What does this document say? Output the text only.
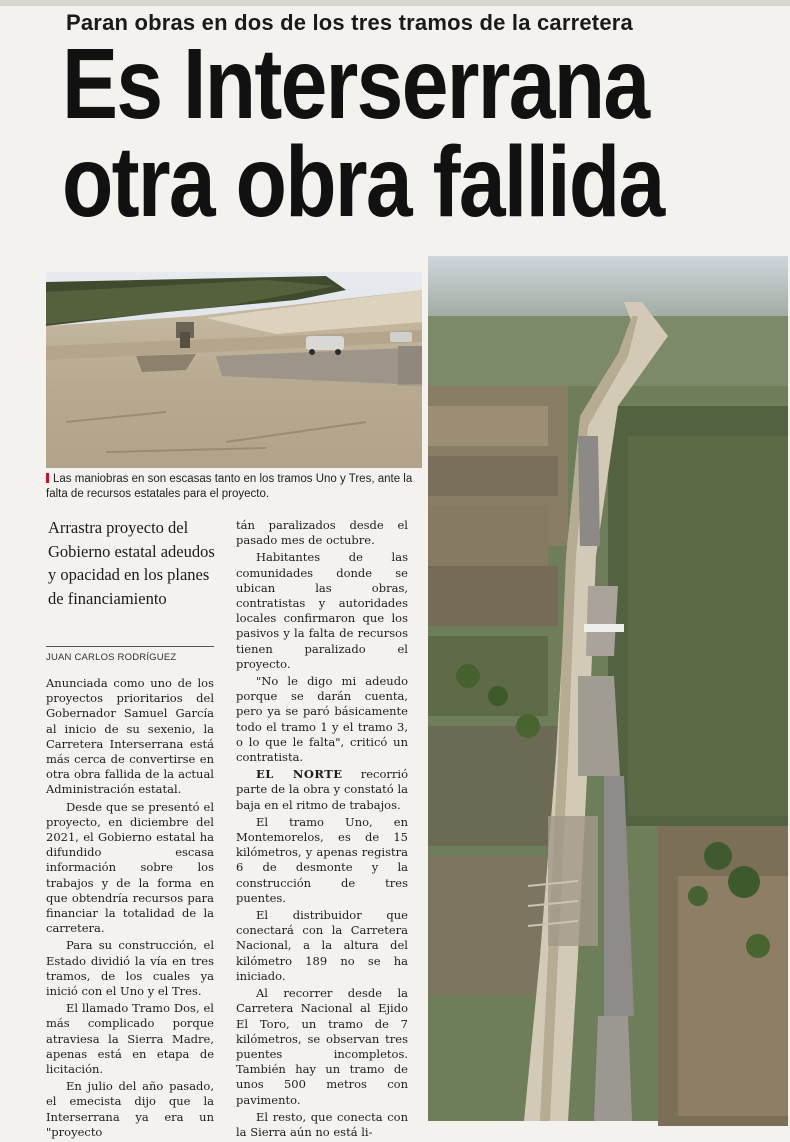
Paran obras en dos de los tres tramos de la carretera
Es Interserrana
otra obra fallida
Las maniobras en son escasas tanto en los tramos Uno y Tres, ante la falta de recursos estatales para el proyecto.
Arrastra proyecto del Gobierno estatal adeudos y opacidad en los planes de financiamiento
JUAN CARLOS RODRÍGUEZ

Anunciada como uno de los proyectos prioritarios del Gobernador Samuel García al inicio de su sexenio, la Carretera Interserrana está más cerca de convertirse en otra obra fallida de la actual Administración estatal.

Desde que se presentó el proyecto, en diciembre del 2021, el Gobierno estatal ha difundido escasa información sobre los trabajos y de la forma en que obtendría recursos para financiar la totalidad de la carretera.

Para su construcción, el Estado dividió la vía en tres tramos, de los cuales ya inició con el Uno y el Tres.

El llamado Tramo Dos, el más complicado porque atraviesa la Sierra Madre, apenas está en etapa de licitación.

En julio del año pasado, el emecista dijo que la Interserrana ya era un "proyecto

tán paralizados desde el pasado mes de octubre.

Habitantes de las comunidades donde se ubican las obras, contratistas y autoridades locales confirmaron que los pasivos y la falta de recursos tienen paralizado el proyecto.

"No le digo mi adeudo porque se darán cuenta, pero ya se paró básicamente todo el tramo 1 y el tramo 3, o lo que le falta", criticó un contratista.

EL NORTE recorrió parte de la obra y constató la baja en el ritmo de trabajos.

El tramo Uno, en Montemorelos, es de 15 kilómetros, y apenas registra 6 de desmonte y la construcción de tres puentes.

El distribuidor que conectará con la Carretera Nacional, a la altura del kilómetro 189 no se ha iniciado.

Al recorrer desde la Carretera Nacional al Ejido El Toro, un tramo de 7 kilómetros, se observan tres puentes incompletos. También hay un tramo de unos 500 metros con pavimento.

El resto, que conecta con la Sierra aún no está li-
